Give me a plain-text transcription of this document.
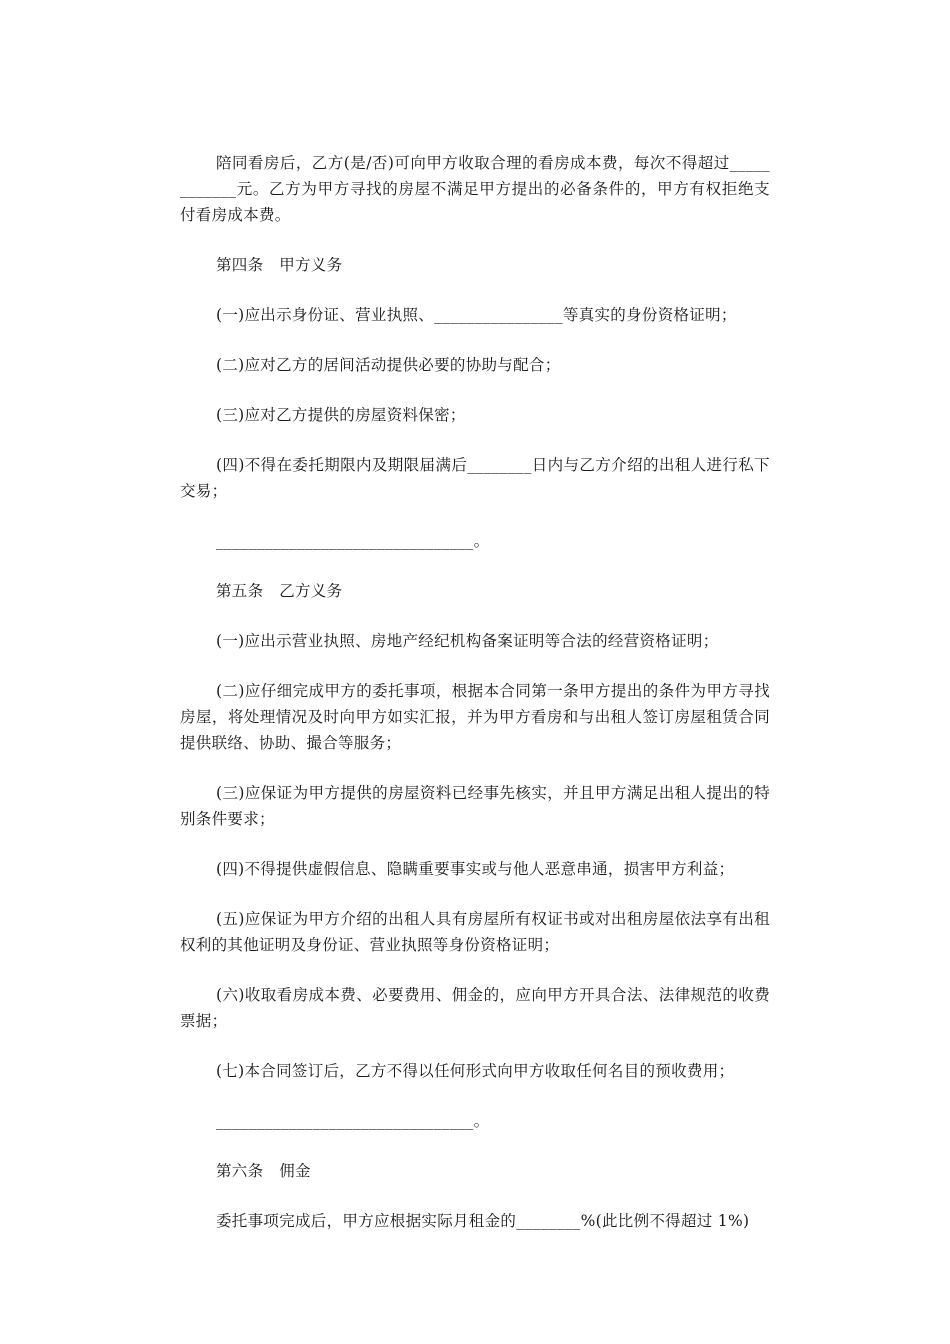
陪同看房后，乙方(是/否)可向甲方收取合理的看房成本费，每次不得超过____________元。乙方为甲方寻找的房屋不满足甲方提出的必备条件的，甲方有权拒绝支付看房成本费。

第四条　甲方义务

(一)应出示身份证、营业执照、________________等真实的身份资格证明；

(二)应对乙方的居间活动提供必要的协助与配合；

(三)应对乙方提供的房屋资料保密；

(四)不得在委托期限内及期限届满后________日内与乙方介绍的出租人进行私下交易；

________________________________。

第五条　乙方义务

(一)应出示营业执照、房地产经纪机构备案证明等合法的经营资格证明；

(二)应仔细完成甲方的委托事项，根据本合同第一条甲方提出的条件为甲方寻找房屋，将处理情况及时向甲方如实汇报，并为甲方看房和与出租人签订房屋租赁合同提供联络、协助、撮合等服务；

(三)应保证为甲方提供的房屋资料已经事先核实，并且甲方满足出租人提出的特别条件要求；

(四)不得提供虚假信息、隐瞒重要事实或与他人恶意串通，损害甲方利益；

(五)应保证为甲方介绍的出租人具有房屋所有权证书或对出租房屋依法享有出租权利的其他证明及身份证、营业执照等身份资格证明；

(六)收取看房成本费、必要费用、佣金的，应向甲方开具合法、法律规范的收费票据；

(七)本合同签订后，乙方不得以任何形式向甲方收取任何名目的预收费用；

________________________________。

第六条　佣金

委托事项完成后，甲方应根据实际月租金的________%(此比例不得超过 1%)
